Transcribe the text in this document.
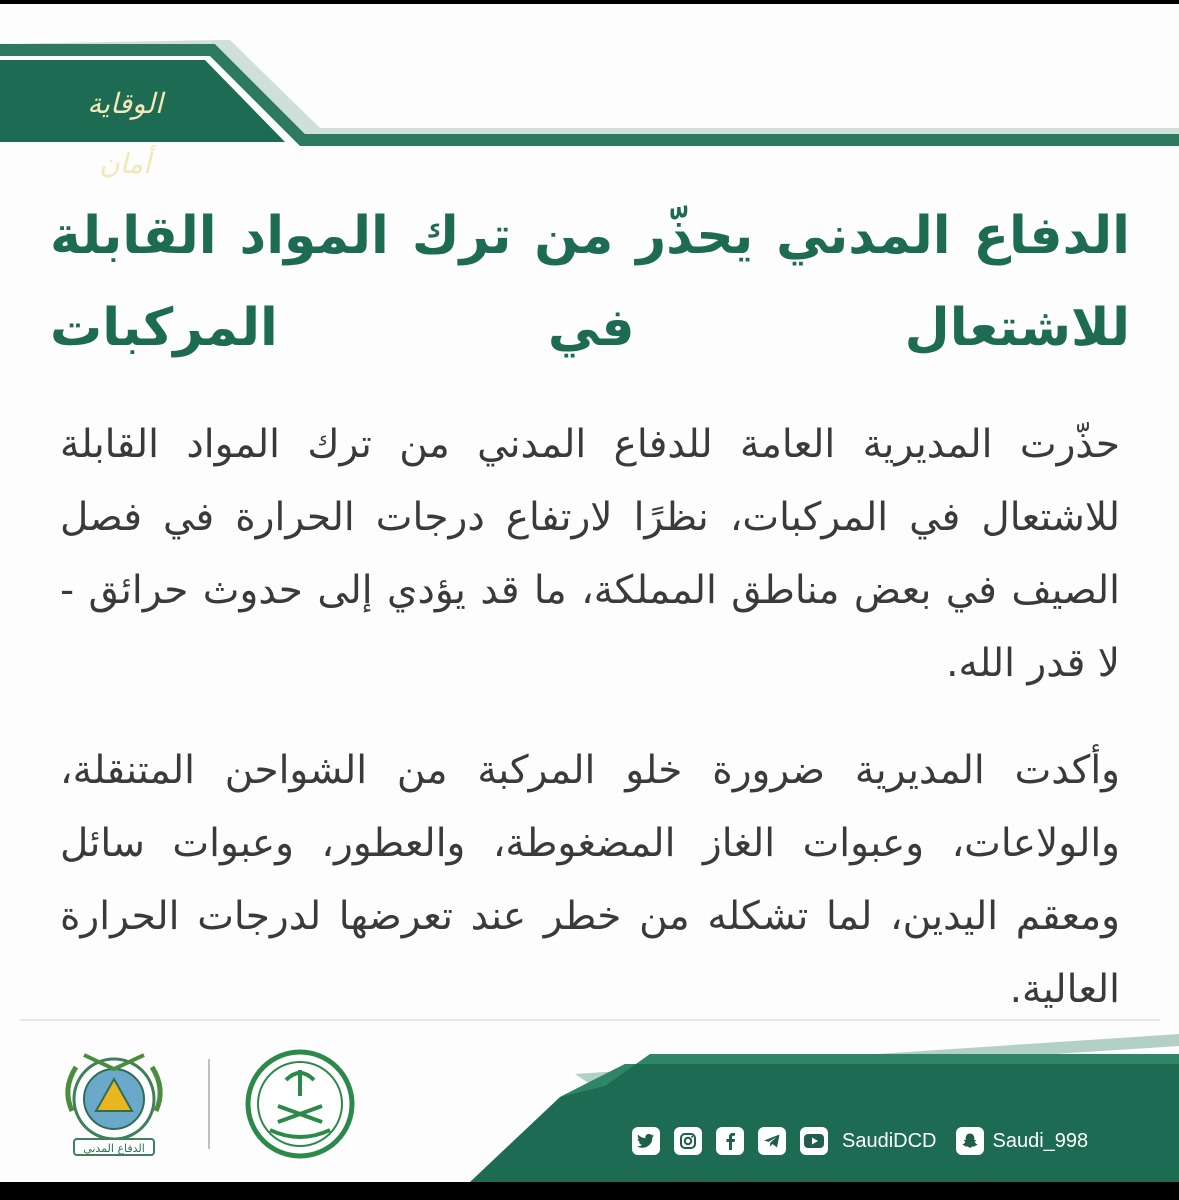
الوقاية أمان
الدفاع المدني يحذّر من ترك المواد القابلة للاشتعال في المركبات

حذّرت المديرية العامة للدفاع المدني من ترك المواد القابلة للاشتعال في المركبات، نظرًا لارتفاع درجات الحرارة في فصل الصيف في بعض مناطق المملكة، ما قد يؤدي إلى حدوث حرائق - لا قدر الله.

وأكدت المديرية ضرورة خلو المركبة من الشواحن المتنقلة، والولاعات، وعبوات الغاز المضغوطة، والعطور، وعبوات سائل ومعقم اليدين، لما تشكله من خطر عند تعرضها لدرجات الحرارة العالية.

الدفاع المدني	SaudiDCD	Saudi_998
